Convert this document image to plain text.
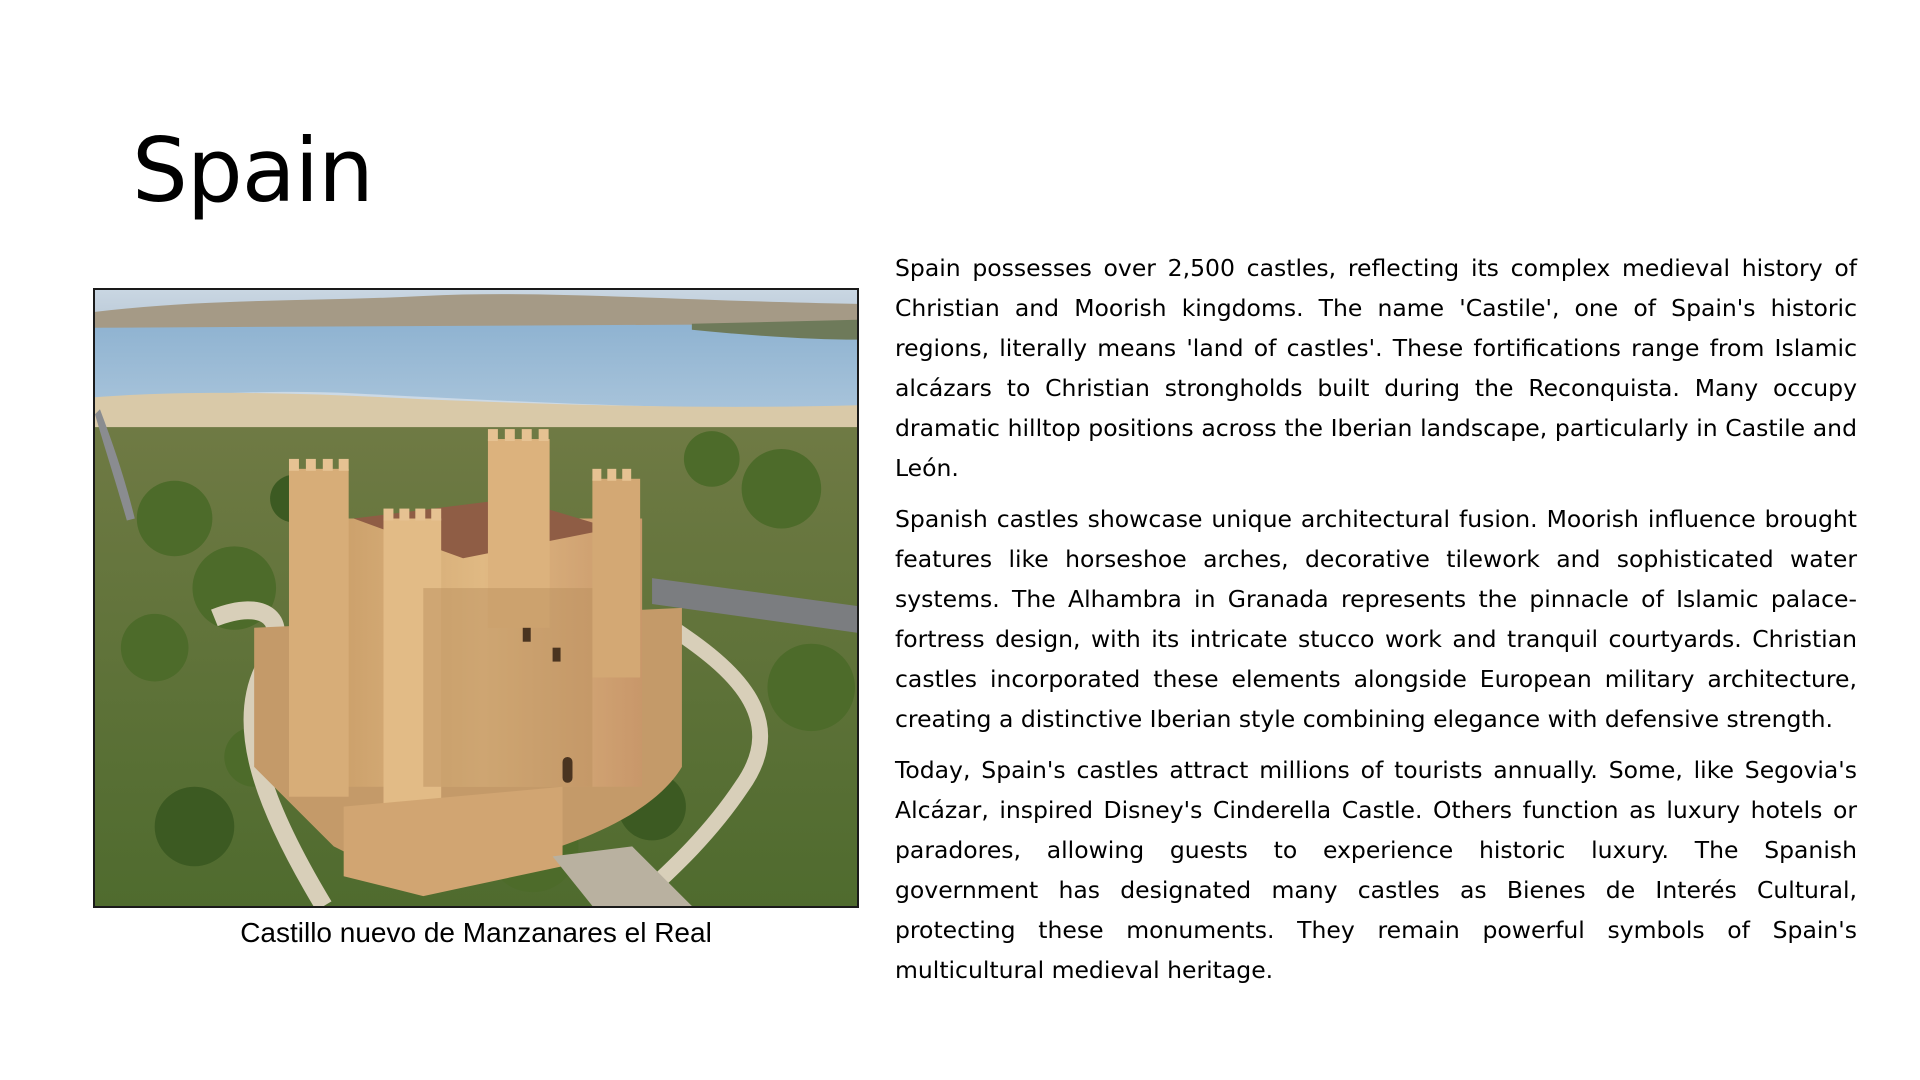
Spain
Castillo nuevo de Manzanares el Real

Spain possesses over 2,500 castles, reflecting its complex medieval history of Christian and Moorish kingdoms. The name 'Castile', one of Spain's historic regions, literally means 'land of castles'. These fortifications range from Islamic alcázars to Christian strongholds built during the Reconquista. Many occupy dramatic hilltop positions across the Iberian landscape, particularly in Castile and León.

Spanish castles showcase unique architectural fusion. Moorish influence brought features like horseshoe arches, decorative tilework and sophisticated water systems. The Alhambra in Granada represents the pinnacle of Islamic palace-fortress design, with its intricate stucco work and tranquil courtyards. Christian castles incorporated these elements alongside European military architecture, creating a distinctive Iberian style combining elegance with defensive strength.

Today, Spain's castles attract millions of tourists annually. Some, like Segovia's Alcázar, inspired Disney's Cinderella Castle. Others function as luxury hotels or paradores, allowing guests to experience historic luxury. The Spanish government has designated many castles as Bienes de Interés Cultural, protecting these monuments. They remain powerful symbols of Spain's multicultural medieval heritage.
